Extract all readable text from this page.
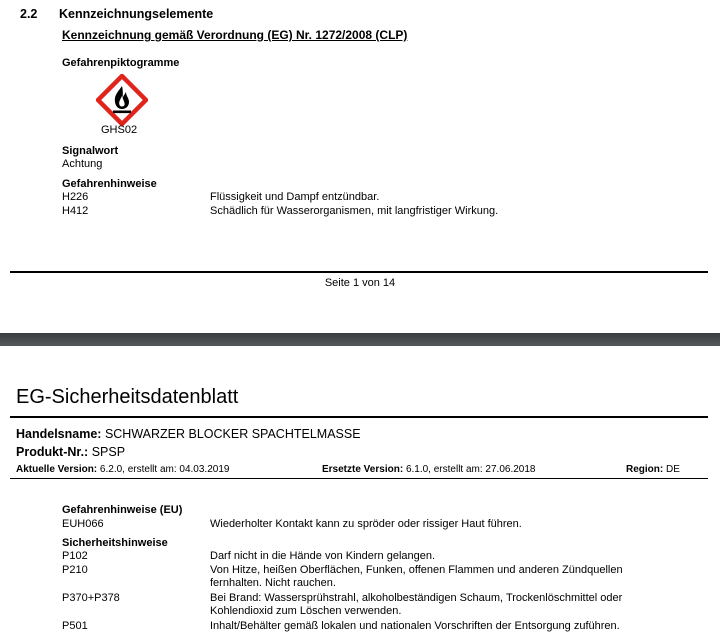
2.2 Kennzeichnungselemente
Kennzeichnung gemäß Verordnung (EG) Nr. 1272/2008 (CLP)
Gefahrenpiktogramme
GHS02
Signalwort
Achtung
Gefahrenhinweise
H226	Flüssigkeit und Dampf entzündbar.
H412	Schädlich für Wasserorganismen, mit langfristiger Wirkung.
Seite 1 von 14
EG-Sicherheitsdatenblatt
Handelsname: SCHWARZER BLOCKER SPACHTELMASSE
Produkt-Nr.: SPSP
Aktuelle Version: 6.2.0, erstellt am: 04.03.2019	Ersetzte Version: 6.1.0, erstellt am: 27.06.2018	Region: DE
Gefahrenhinweise (EU)
EUH066	Wiederholter Kontakt kann zu spröder oder rissiger Haut führen.
Sicherheitshinweise
P102	Darf nicht in die Hände von Kindern gelangen.
P210	Von Hitze, heißen Oberflächen, Funken, offenen Flammen und anderen Zündquellen fernhalten. Nicht rauchen.
P370+P378	Bei Brand: Wassersprühstrahl, alkoholbeständigen Schaum, Trockenlöschmittel oder Kohlendioxid zum Löschen verwenden.
P501	Inhalt/Behälter gemäß lokalen und nationalen Vorschriften der Entsorgung zuführen.
